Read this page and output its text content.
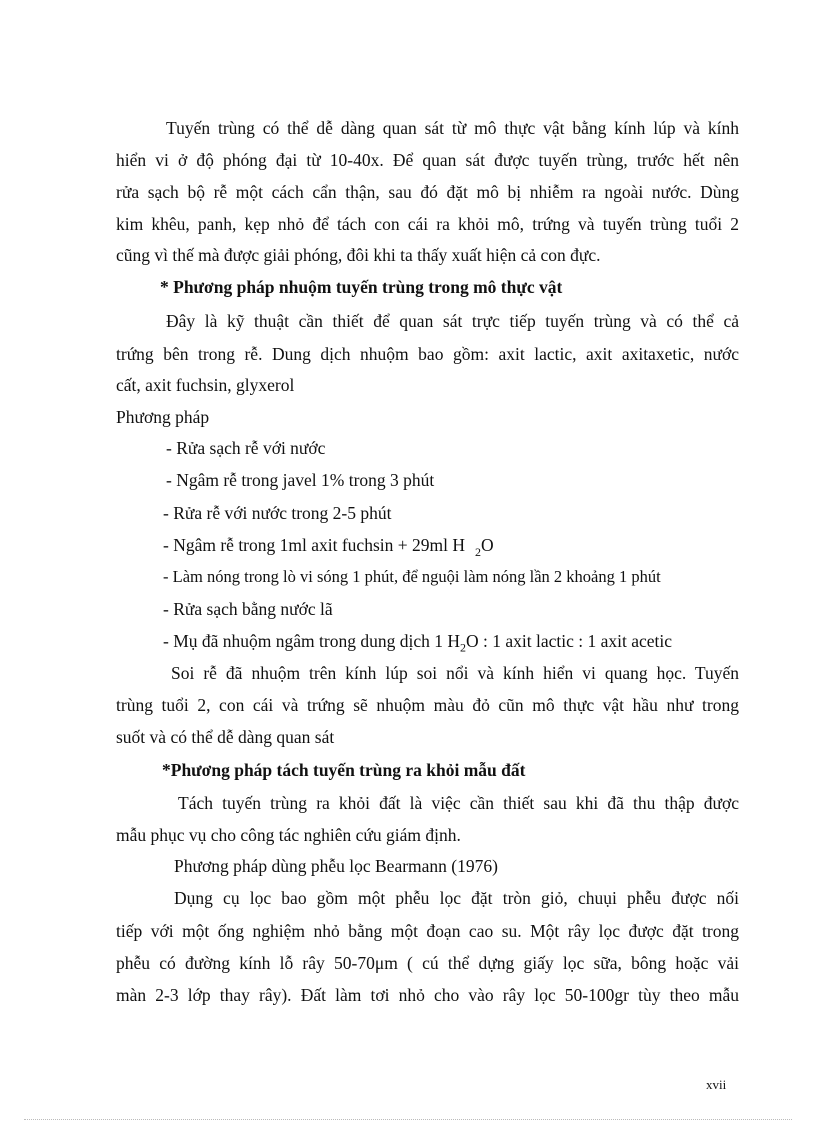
Tuyến trùng có thể dễ dàng quan sát từ mô thực vật bằng kính lúp và kính

hiển vi ở độ phóng đại từ 10-40x. Để quan sát được tuyến trùng, trước hết nên

rửa sạch bộ rễ một cách cẩn thận, sau đó đặt mô bị nhiễm ra ngoài nước. Dùng

kim khêu, panh, kẹp nhỏ để tách con cái ra khỏi mô, trứng và tuyến trùng tuổi 2

cũng vì thế mà được giải phóng, đôi khi ta thấy xuất hiện cả con đực.

* Phương pháp nhuộm tuyến trùng trong mô thực vật

Đây là kỹ thuật cần thiết để quan sát trực tiếp tuyến trùng và có thể cả

trứng bên trong rễ. Dung dịch nhuộm bao gồm: axit lactic, axit axitaxetic, nước

cất, axit fuchsin, glyxerol

Phương pháp

- Rửa sạch rễ với nước

- Ngâm rễ trong javel 1% trong 3 phút

- Rửa rễ với nước trong 2-5 phút

- Ngâm rễ trong 1ml axit fuchsin + 29ml H $_2$O

- Làm nóng trong lò vi sóng 1 phút, để nguội làm nóng lần 2 khoảng 1 phút

- Rửa sạch bằng nước lã

- Mụ đã nhuộm ngâm trong dung dịch 1 $H_2O$ : 1 axit lactic : 1 axit acetic

Soi rễ đã nhuộm trên kính lúp soi nổi và kính hiển vi quang học. Tuyến

trùng tuổi 2, con cái và trứng sẽ nhuộm màu đỏ cũn mô thực vật hầu như trong

suốt và có thể dễ dàng quan sát

*Phương pháp tách tuyến trùng ra khỏi mẫu đất

Tách tuyến trùng ra khỏi đất là việc cần thiết sau khi đã thu thập được

mẫu phục vụ cho công tác nghiên cứu giám định.

Phương pháp dùng phễu lọc Bearmann (1976)

Dụng cụ lọc bao gồm một phễu lọc đặt tròn giỏ, chuụi phễu được nối

tiếp với một ống nghiệm nhỏ bằng một đoạn cao su. Một rây lọc được đặt trong

phễu có đường kính lỗ rây 50-70μm ( cú thể dựng giấy lọc sữa, bông hoặc vải

màn 2-3 lớp thay rây). Đất làm tơi nhỏ cho vào rây lọc 50-100gr tùy theo mẫu

xvii
